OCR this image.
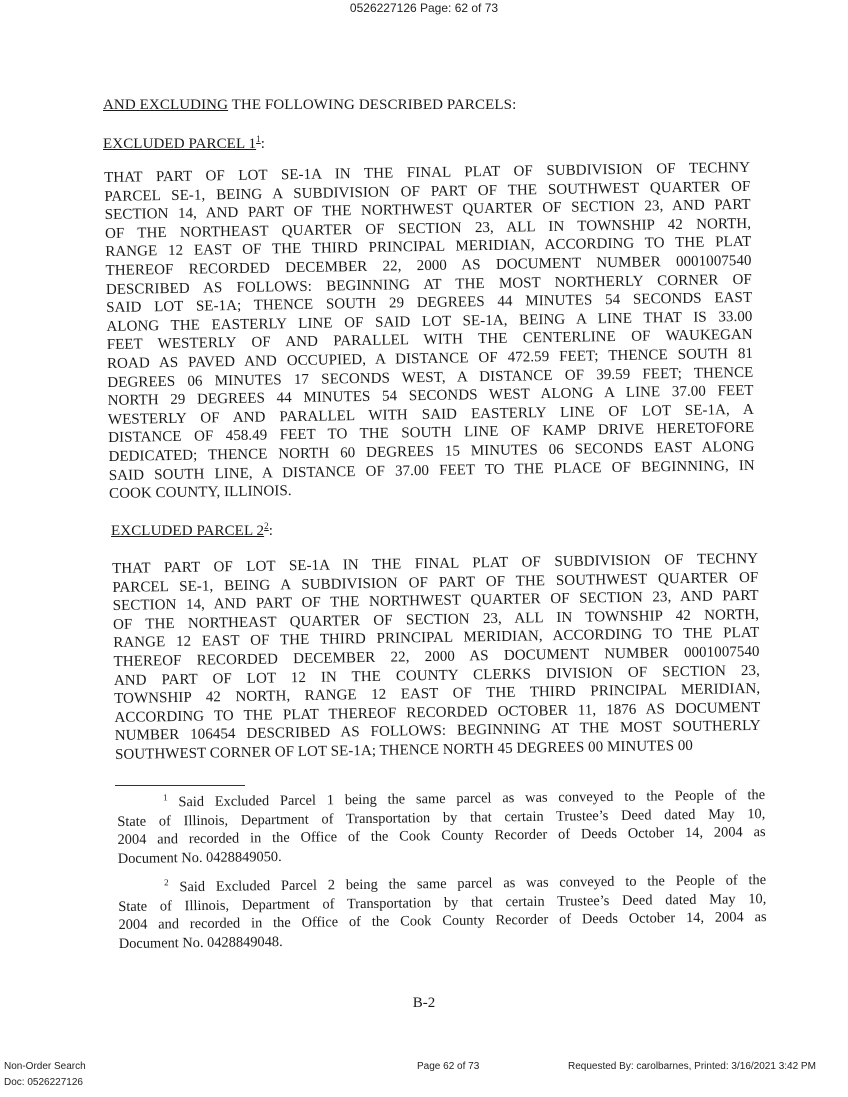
0526227126 Page: 62 of 73
AND EXCLUDING THE FOLLOWING DESCRIBED PARCELS:
EXCLUDED PARCEL $1^1$:
THAT PART OF LOT SE-1A IN THE FINAL PLAT OF SUBDIVISION OF TECHNY
PARCEL SE-1, BEING A SUBDIVISION OF PART OF THE SOUTHWEST QUARTER OF
SECTION 14, AND PART OF THE NORTHWEST QUARTER OF SECTION 23, AND PART
OF THE NORTHEAST QUARTER OF SECTION 23, ALL IN TOWNSHIP 42 NORTH,
RANGE 12 EAST OF THE THIRD PRINCIPAL MERIDIAN, ACCORDING TO THE PLAT
THEREOF RECORDED DECEMBER 22, 2000 AS DOCUMENT NUMBER 0001007540
DESCRIBED AS FOLLOWS: BEGINNING AT THE MOST NORTHERLY CORNER OF
SAID LOT SE-1A; THENCE SOUTH 29 DEGREES 44 MINUTES 54 SECONDS EAST
ALONG THE EASTERLY LINE OF SAID LOT SE-1A, BEING A LINE THAT IS 33.00
FEET WESTERLY OF AND PARALLEL WITH THE CENTERLINE OF WAUKEGAN
ROAD AS PAVED AND OCCUPIED, A DISTANCE OF 472.59 FEET; THENCE SOUTH 81
DEGREES 06 MINUTES 17 SECONDS WEST, A DISTANCE OF 39.59 FEET; THENCE
NORTH 29 DEGREES 44 MINUTES 54 SECONDS WEST ALONG A LINE 37.00 FEET
WESTERLY OF AND PARALLEL WITH SAID EASTERLY LINE OF LOT SE-1A, A
DISTANCE OF 458.49 FEET TO THE SOUTH LINE OF KAMP DRIVE HERETOFORE
DEDICATED; THENCE NORTH 60 DEGREES 15 MINUTES 06 SECONDS EAST ALONG
SAID SOUTH LINE, A DISTANCE OF 37.00 FEET TO THE PLACE OF BEGINNING, IN
COOK COUNTY, ILLINOIS.
EXCLUDED PARCEL $2^2$:
THAT PART OF LOT SE-1A IN THE FINAL PLAT OF SUBDIVISION OF TECHNY
PARCEL SE-1, BEING A SUBDIVISION OF PART OF THE SOUTHWEST QUARTER OF
SECTION 14, AND PART OF THE NORTHWEST QUARTER OF SECTION 23, AND PART
OF THE NORTHEAST QUARTER OF SECTION 23, ALL IN TOWNSHIP 42 NORTH,
RANGE 12 EAST OF THE THIRD PRINCIPAL MERIDIAN, ACCORDING TO THE PLAT
THEREOF RECORDED DECEMBER 22, 2000 AS DOCUMENT NUMBER 0001007540
AND PART OF LOT 12 IN THE COUNTY CLERKS DIVISION OF SECTION 23,
TOWNSHIP 42 NORTH, RANGE 12 EAST OF THE THIRD PRINCIPAL MERIDIAN,
ACCORDING TO THE PLAT THEREOF RECORDED OCTOBER 11, 1876 AS DOCUMENT
NUMBER 106454 DESCRIBED AS FOLLOWS: BEGINNING AT THE MOST SOUTHERLY
SOUTHWEST CORNER OF LOT SE-1A; THENCE NORTH 45 DEGREES 00 MINUTES 00
$^1$ Said Excluded Parcel 1 being the same parcel as was conveyed to the People of the
State of Illinois, Department of Transportation by that certain Trustee’s Deed dated May 10,
2004 and recorded in the Office of the Cook County Recorder of Deeds October 14, 2004 as
Document No. 0428849050.
$^2$ Said Excluded Parcel 2 being the same parcel as was conveyed to the People of the
State of Illinois, Department of Transportation by that certain Trustee’s Deed dated May 10,
2004 and recorded in the Office of the Cook County Recorder of Deeds October 14, 2004 as
Document No. 0428849048.
B-2
Non-Order Search
Doc: 0526227126
Page 62 of 73	Requested By: carolbarnes, Printed: 3/16/2021 3:42 PM
